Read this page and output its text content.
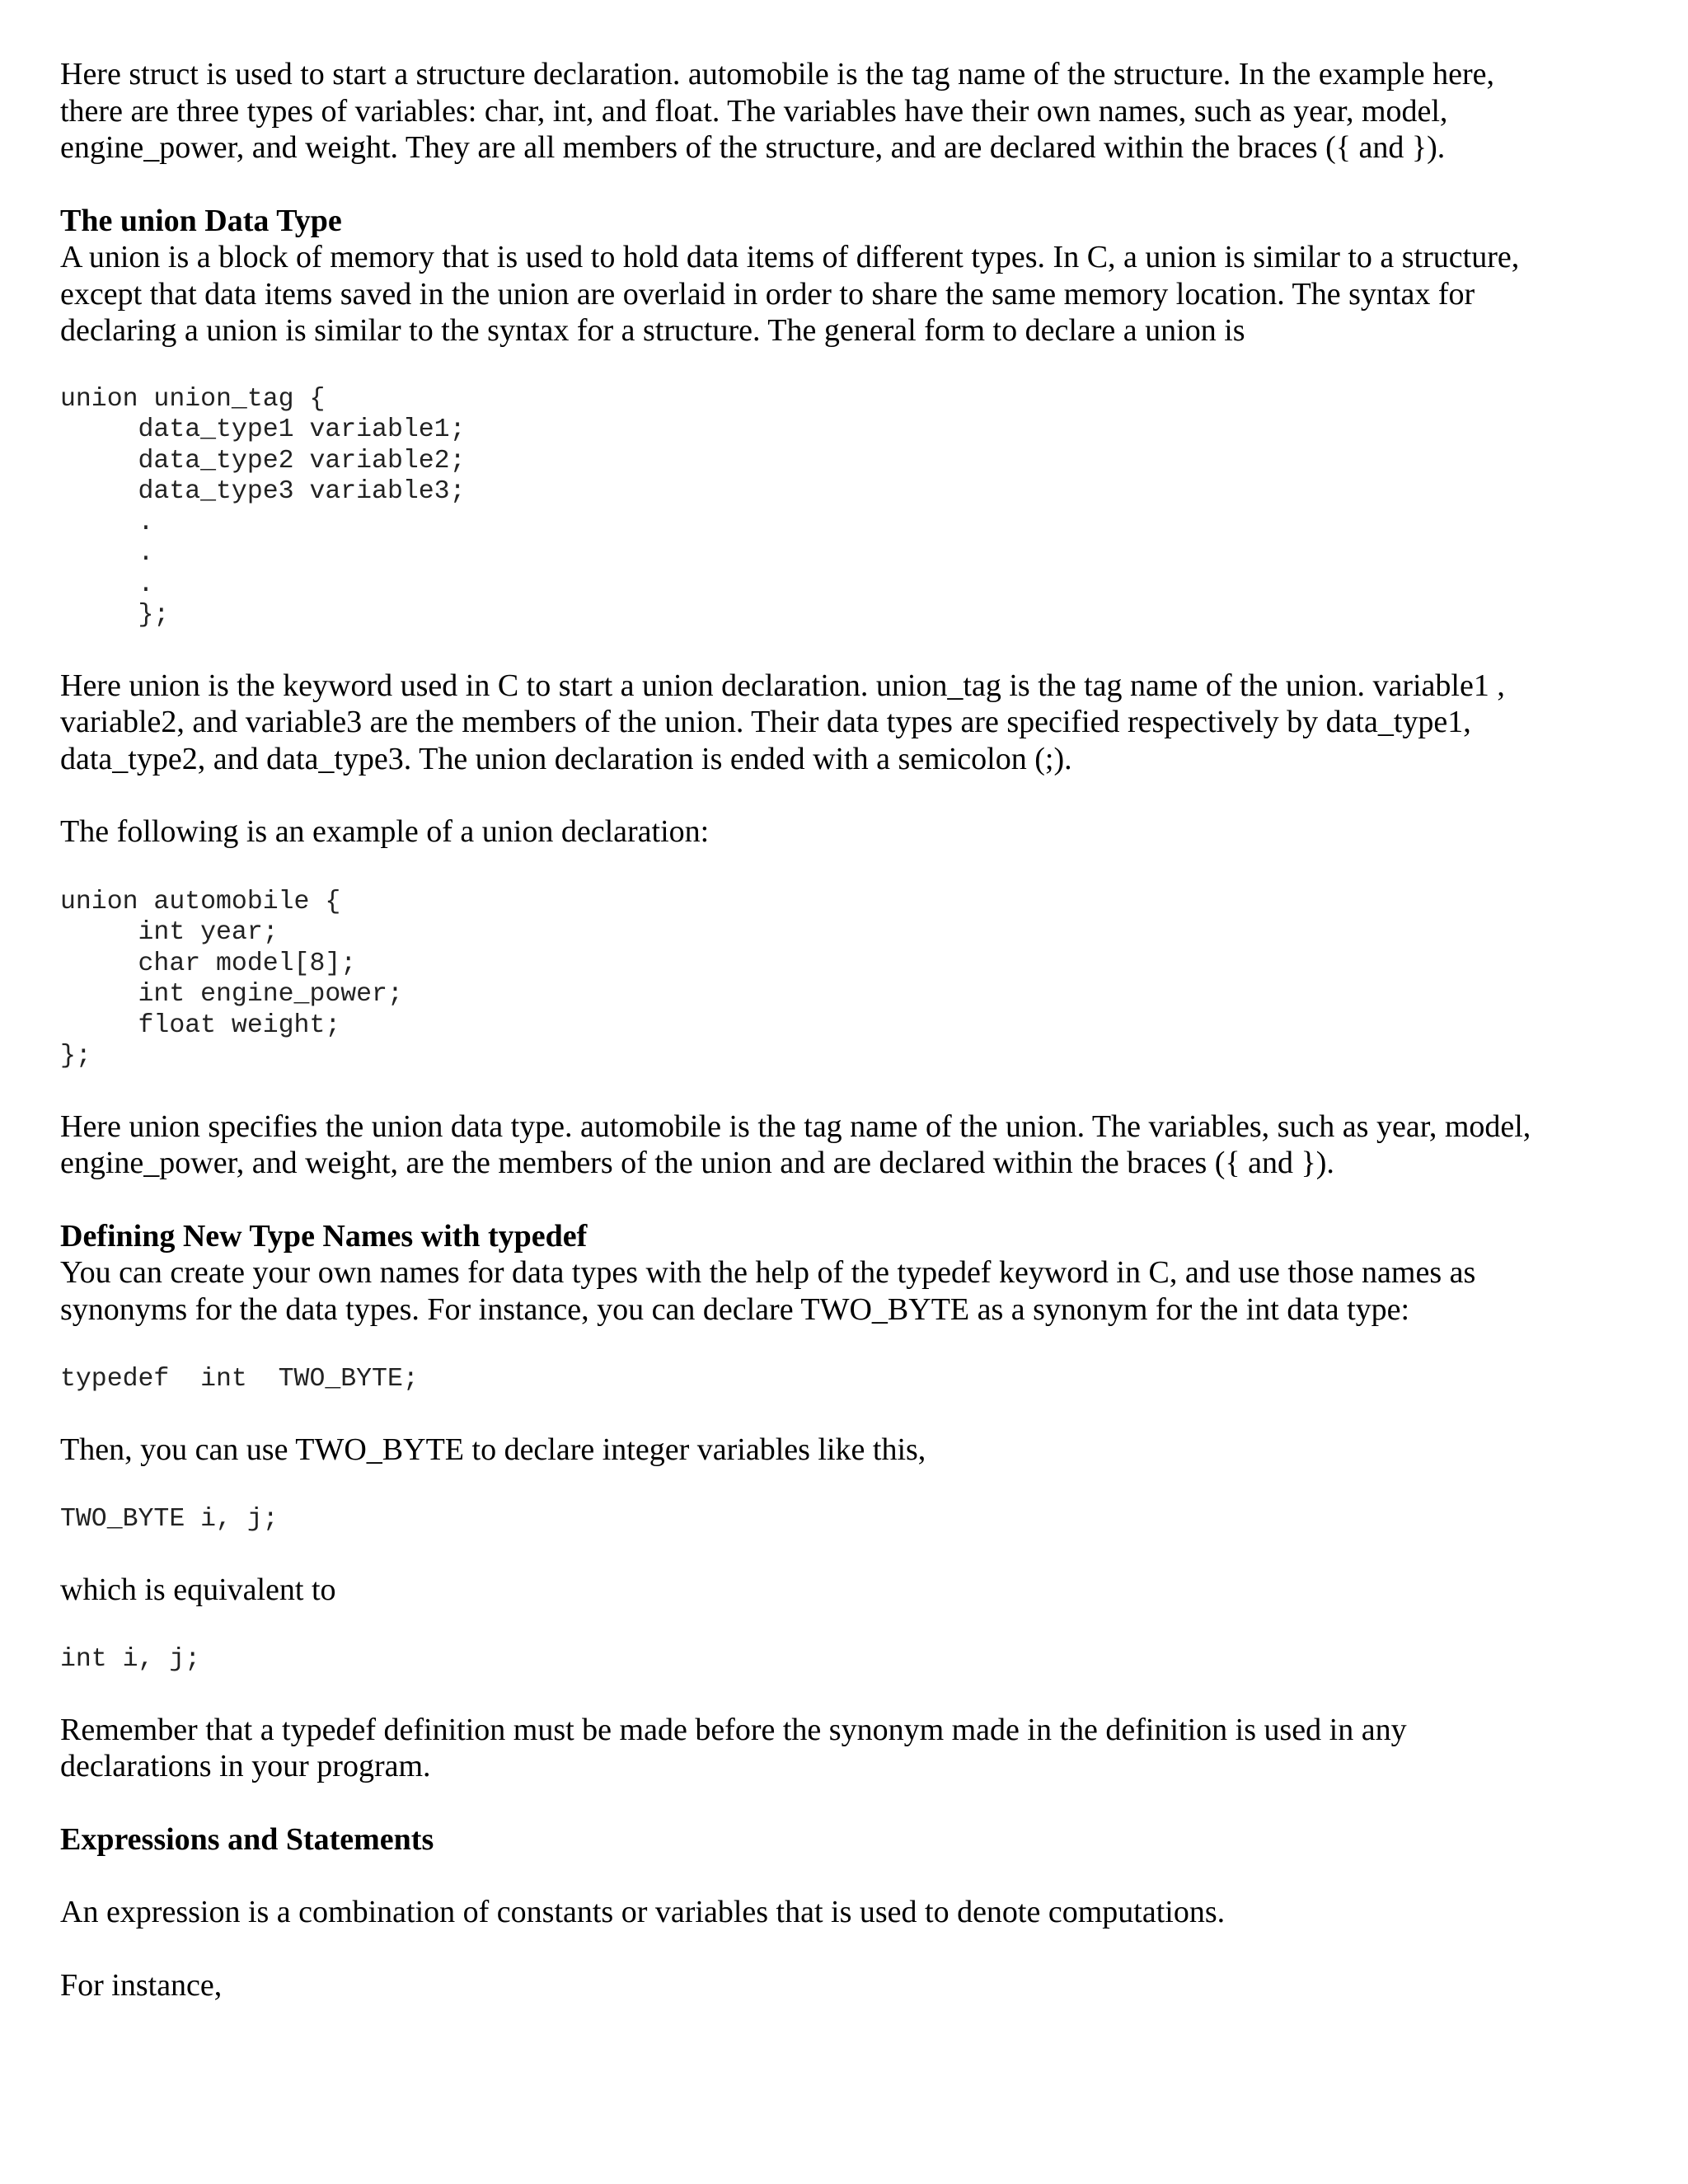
Here struct is used to start a structure declaration. automobile is the tag name of the structure. In the example here,
there are three types of variables: char, int, and float. The variables have their own names, such as year, model,
engine_power, and weight. They are all members of the structure, and are declared within the braces ({ and }).

The union Data Type

A union is a block of memory that is used to hold data items of different types. In C, a union is similar to a structure,
except that data items saved in the union are overlaid in order to share the same memory location. The syntax for
declaring a union is similar to the syntax for a structure. The general form to declare a union is

union union_tag {
data_type1 variable1;
data_type2 variable2;
data_type3 variable3;
.
.
.
};

Here union is the keyword used in C to start a union declaration. union_tag is the tag name of the union. variable1 ,
variable2, and variable3 are the members of the union. Their data types are specified respectively by data_type1,
data_type2, and data_type3. The union declaration is ended with a semicolon (;).

The following is an example of a union declaration:

union automobile {
int year;
char model[8];
int engine_power;
float weight;
};

Here union specifies the union data type. automobile is the tag name of the union. The variables, such as year, model,
engine_power, and weight, are the members of the union and are declared within the braces ({ and }).

Defining New Type Names with typedef

You can create your own names for data types with the help of the typedef keyword in C, and use those names as
synonyms for the data types. For instance, you can declare TWO_BYTE as a synonym for the int data type:

typedef  int  TWO_BYTE;

Then, you can use TWO_BYTE to declare integer variables like this,

TWO_BYTE i, j;

which is equivalent to

int i, j;

Remember that a typedef definition must be made before the synonym made in the definition is used in any
declarations in your program.

Expressions and Statements

An expression is a combination of constants or variables that is used to denote computations.

For instance,
